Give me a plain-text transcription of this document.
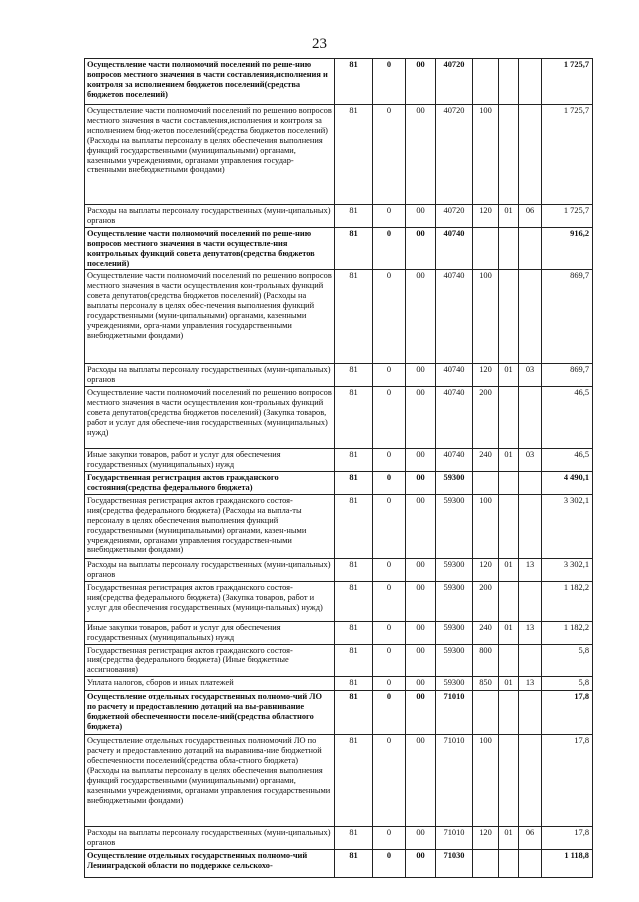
23
Осуществление части полномочий поселений по реше-нию вопросов местного значения в части составления,исполнения и контроля за исполнением бюджетов поселений(средства бюджетов поселений)	81	0	00	40720				1 725,7
Осуществление части полномочий поселений по решению вопросов местного значения в части составления,исполнения и контроля за исполнением бюд-жетов поселений(средства бюджетов поселений) (Расходы на выплаты персоналу в целях обеспечения выполнения функций государственными (муниципальными) органами, казенными учреждениями, органами управления государ-ственными внебюджетными фондами)	81	0	00	40720	100			1 725,7
Расходы на выплаты персоналу государственных (муни-ципальных) органов	81	0	00	40720	120	01	06	1 725,7
Осуществление части полномочий поселений по реше-нию вопросов местного значения в части осуществле-ния контрольных функций совета депутатов(средства бюджетов поселений)	81	0	00	40740				916,2
Осуществление части полномочий поселений по решению вопросов местного значения в части осуществления кон-трольных функций совета депутатов(средства бюджетов поселений) (Расходы на выплаты персоналу в целях обес-печения выполнения функций государственными (муни-ципальными) органами, казенными учреждениями, орга-нами управления государственными внебюджетными фондами)	81	0	00	40740	100			869,7
Расходы на выплаты персоналу государственных (муни-ципальных) органов	81	0	00	40740	120	01	03	869,7
Осуществление части полномочий поселений по решению вопросов местного значения в части осуществления кон-трольных функций совета депутатов(средства бюджетов поселений) (Закупка товаров, работ и услуг для обеспече-ния государственных (муниципальных) нужд)	81	0	00	40740	200			46,5
Иные закупки товаров, работ и услуг для обеспечения государственных (муниципальных) нужд	81	0	00	40740	240	01	03	46,5
Государственная регистрация актов гражданского состояния(средства федерального бюджета)	81	0	00	59300				4 490,1
Государственная регистрация актов гражданского состоя-ния(средства федерального бюджета) (Расходы на выпла-ты персоналу в целях обеспечения выполнения функций государственными (муниципальными) органами, казен-ными учреждениями, органами управления государствен-ными внебюджетными фондами)	81	0	00	59300	100			3 302,1
Расходы на выплаты персоналу государственных (муни-ципальных) органов	81	0	00	59300	120	01	13	3 302,1
Государственная регистрация актов гражданского состоя-ния(средства федерального бюджета) (Закупка товаров, работ и услуг для обеспечения государственных (муници-пальных) нужд)	81	0	00	59300	200			1 182,2
Иные закупки товаров, работ и услуг для обеспечения государственных (муниципальных) нужд	81	0	00	59300	240	01	13	1 182,2
Государственная регистрация актов гражданского состоя-ния(средства федерального бюджета) (Иные бюджетные ассигнования)	81	0	00	59300	800			5,8
Уплата налогов, сборов и иных платежей	81	0	00	59300	850	01	13	5,8
Осуществление отдельных государственных полномо-чий ЛО по расчету и предоставлению дотаций на вы-равнивание бюджетной обеспеченности поселе-ний(средства областного бюджета)	81	0	00	71010				17,8
Осуществление отдельных государственных полномочий ЛО по расчету и предоставлению дотаций на выравнива-ние бюджетной обеспеченности поселений(средства обла-стного бюджета) (Расходы на выплаты персоналу в целях обеспечения выполнения функций государственными (муниципальными) органами, казенными учреждениями, органами управления государственными внебюджетными фондами)	81	0	00	71010	100			17,8
Расходы на выплаты персоналу государственных (муни-ципальных) органов	81	0	00	71010	120	01	06	17,8
Осуществление отдельных государственных полномо-чий Ленинградской области по поддержке сельскохо-	81	0	00	71030				1 118,8
